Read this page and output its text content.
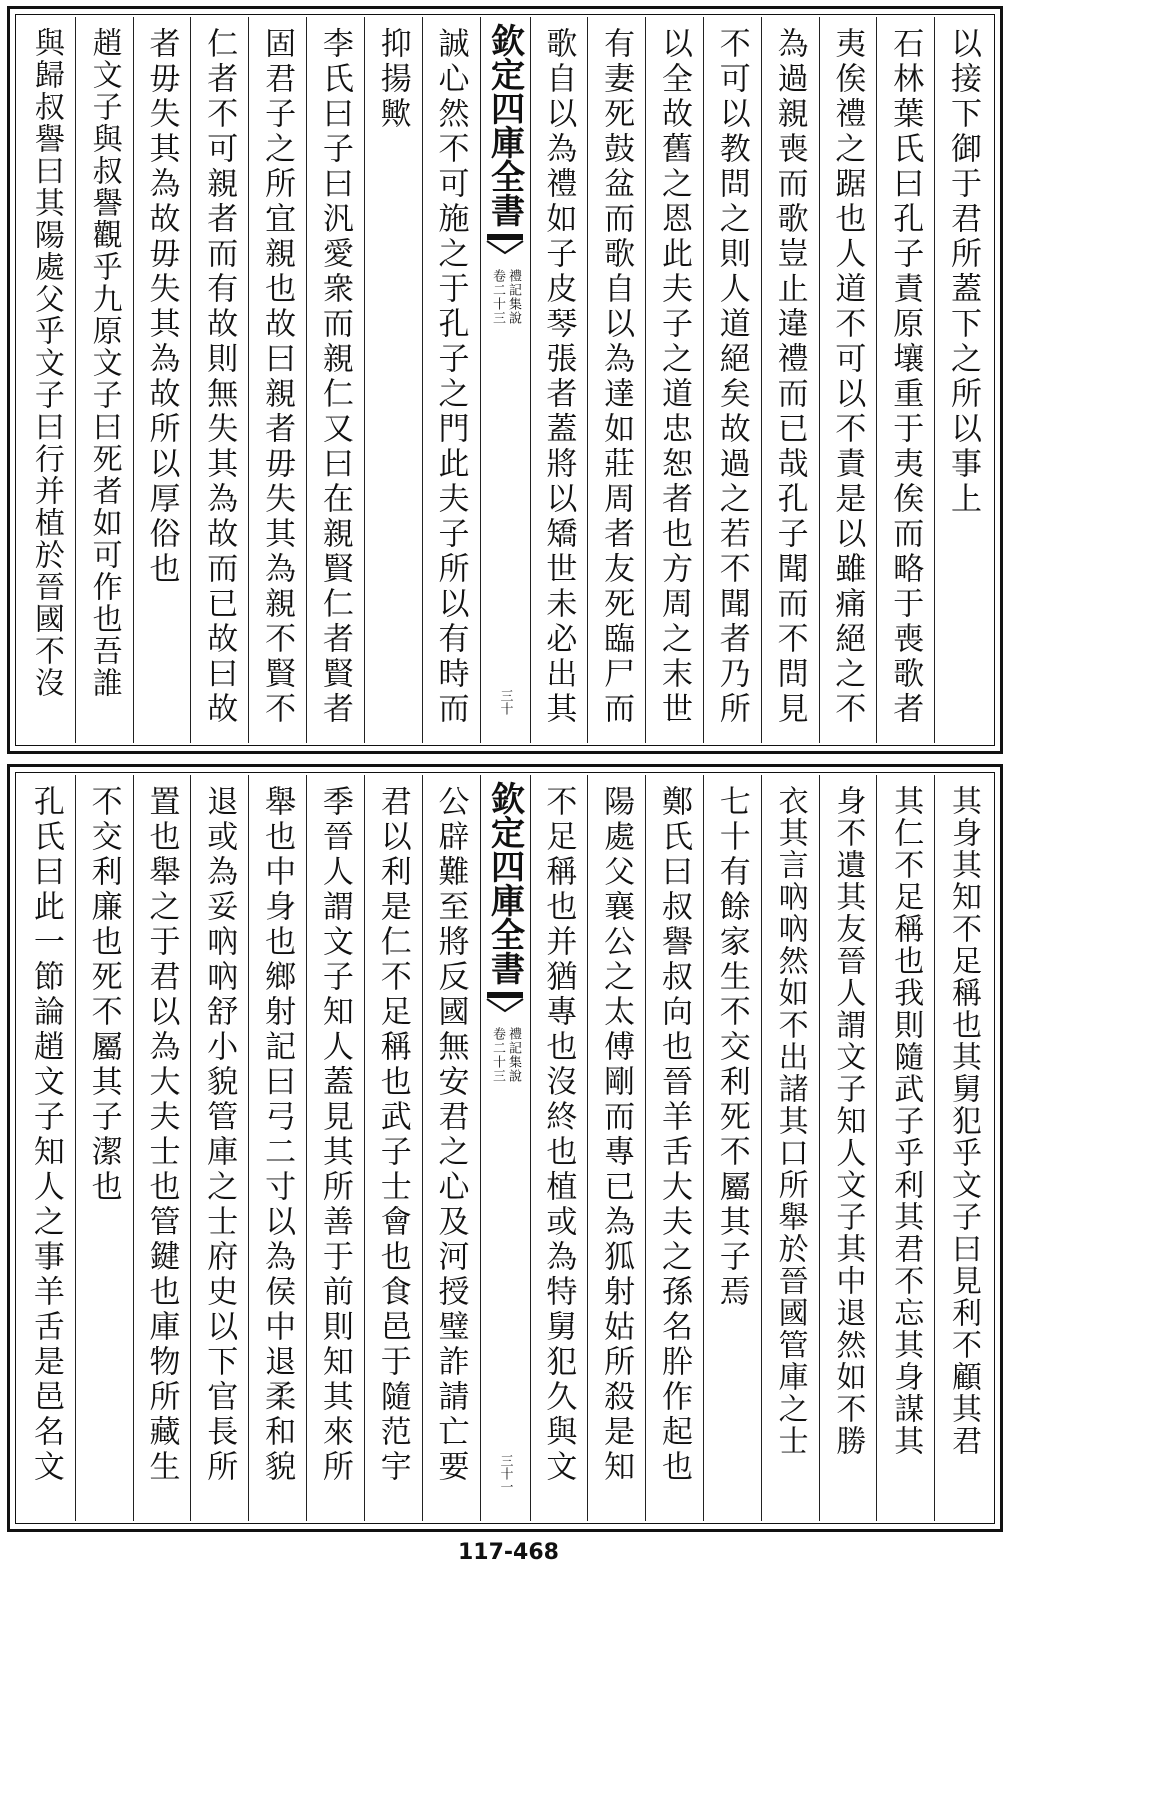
以接下御于君所蓋下之所以事上
石林葉氏曰孔子責原壤重于夷俟而略于喪歌者
夷俟禮之踞也人道不可以不責是以雖痛絕之不
為過親喪而歌豈止違禮而已哉孔子聞而不問見
不可以教問之則人道絕矣故過之若不聞者乃所
以全故舊之恩此夫子之道忠恕者也方周之末世
有妻死鼓盆而歌自以為達如莊周者友死臨尸而
歌自以為禮如子皮琴張者蓋將以矯世未必出其
欽定四庫全書
禮記集說
卷二十三
三十
誠心然不可施之于孔子之門此夫子所以有時而
抑揚歟
李氏曰子曰汎愛衆而親仁又曰在親賢仁者賢者
固君子之所宜親也故曰親者毋失其為親不賢不
仁者不可親者而有故則無失其為故而已故曰故
者毋失其為故毋失其為故所以厚俗也
趙文子與叔譽觀乎九原文子曰死者如可作也吾誰
與歸叔譽曰其陽處父乎文子曰行并植於晉國不沒
其身其知不足稱也其舅犯乎文子曰見利不顧其君
其仁不足稱也我則隨武子乎利其君不忘其身謀其
身不遺其友晉人謂文子知人文子其中退然如不勝
衣其言吶吶然如不出諸其口所舉於晉國管庫之士
七十有餘家生不交利死不屬其子焉
鄭氏曰叔譽叔向也晉羊舌大夫之孫名肸作起也
陽處父襄公之太傅剛而專已為狐射姑所殺是知
不足稱也并猶專也沒終也植或為特舅犯久與文
欽定四庫全書
禮記集說
卷二十三
三十一
公辟難至將反國無安君之心及河授璧詐請亡要
君以利是仁不足稱也武子士會也食邑于隨范宇
季晉人謂文子知人蓋見其所善于前則知其來所
舉也中身也鄉射記曰弓二寸以為侯中退柔和貌
退或為妥吶吶舒小貌管庫之士府史以下官長所
置也舉之于君以為大夫士也管鍵也庫物所藏生
不交利廉也死不屬其子潔也
孔氏曰此一節論趙文子知人之事羊舌是邑名文
117-468
